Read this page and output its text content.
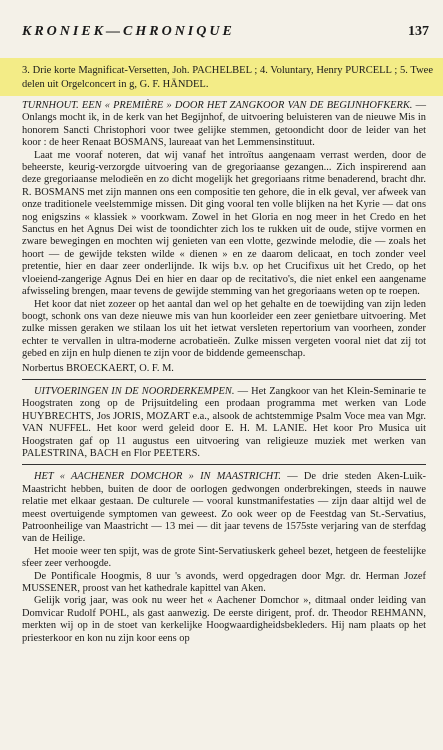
KRONIEK—CHRONIQUE	137

3. Drie korte Magnificat-Versetten, Joh. PACHELBEL ; 4. Voluntary, Henry PURCELL ; 5. Twee delen uit Orgelconcert in g, G. F. HÄNDEL.

TURNHOUT. EEN « PREMIÈRE » DOOR HET ZANGKOOR VAN DE BEGIJNHOFKERK. — Onlangs mocht ik, in de kerk van het Begijnhof, de uitvoering beluisteren van de nieuwe Mis in honorem Sancti Christophori voor twee gelijke stemmen, getoondicht door de leider van het koor : de heer Renaat BOSMANS, laureaat van het Lemmensinstituut.

Laat me vooraf noteren, dat wij vanaf het introïtus aangenaam verrast werden, door de beheerste, keurig-verzorgde uitvoering van de gregoriaanse gezangen... Zich inspirerend aan deze gregoriaanse melodieën en zo dicht mogelijk het gregoriaans ritme benaderend, bracht dhr. R. BOSMANS met zijn mannen ons een compositie ten gehore, die in elk geval, ver afweek van onze traditionele veelstemmige missen. Dit ging vooral ten volle blijken na het Kyrie — dat ons nog enigszins « klassiek » voorkwam. Zowel in het Gloria en nog meer in het Credo en het Sanctus en het Agnus Dei wist de toondichter zich los te rukken uit de oude, stijve vormen en zware bewegingen en mochten wij genieten van een vlotte, gezwinde melodie, die — zoals het hoort — de gewijde teksten wilde « dienen » en ze daarom delicaat, en toch zonder veel pretentie, hier en daar zeer onderlijnde. Ik wijs b.v. op het Crucifixus uit het Credo, op het vloeiend-zangerige Agnus Dei en hier en daar op de recitativo's, die niet enkel een aangename afwisseling brengen, maar tevens de gewijde stemming van het gregoriaans weten op te roepen.

Het koor dat niet zozeer op het aantal dan wel op het gehalte en de toewijding van zijn leden boogt, schonk ons van deze nieuwe mis van hun koorleider een zeer genietbare uitvoering. Met zulke missen geraken we stilaan los uit het ietwat versleten repertorium van voorheen, zonder echter te vervallen in ultra-moderne acrobatieën. Zulke missen vergeten vooral niet dat zij tot gebed en zijn en hulp dienen te zijn voor de biddende gemeenschap.

Norbertus BROECKAERT, O. F. M.

UITVOERINGEN IN DE NOORDERKEMPEN. — Het Zangkoor van het Klein-Seminarie te Hoogstraten zong op de Prijsuitdeling een prodaan programma met werken van Lode HUYBRECHTS, Jos JORIS, MOZART e.a., alsook de achtstemmige Psalm Voce mea van Mgr. VAN NUFFEL. Het koor werd geleid door E. H. M. LANIE. Het koor Pro Musica uit Hoogstraten gaf op 11 augustus een uitvoering van religieuze muziek met werken van PALESTRINA, BACH en Flor PEETERS.

HET « AACHENER DOMCHOR » IN MAASTRICHT. — De drie steden Aken-Luik-Maastricht hebben, buiten de door de oorlogen gedwongen onderbrekingen, steeds in nauwe relatie met elkaar gestaan. De culturele — vooral kunstmanifestaties — zijn daar altijd wel de meest overtuigende symptomen van geweest. Zo ook weer op de Feestdag van St.-Servatius, Patroonheilige van Maastricht — 13 mei — dit jaar tevens de 1575ste verjaring van de sterfdag van de Heilige.

Het mooie weer ten spijt, was de grote Sint-Servatiuskerk geheel bezet, hetgeen de feestelijke sfeer zeer verhoogde.

De Pontificale Hoogmis, 8 uur 's avonds, werd opgedragen door Mgr. dr. Herman Jozef MUSSENER, proost van het kathedrale kapittel van Aken.

Gelijk vorig jaar, was ook nu weer het « Aachener Domchor », ditmaal onder leiding van Domvicar Rudolf POHL, als gast aanwezig. De eerste dirigent, prof. dr. Theodor REHMANN, merkten wij op in de stoet van kerkelijke Hoogwaardigheidsbekleders. Hij nam plaats op het priesterkoor en kon nu zijn koor eens op
